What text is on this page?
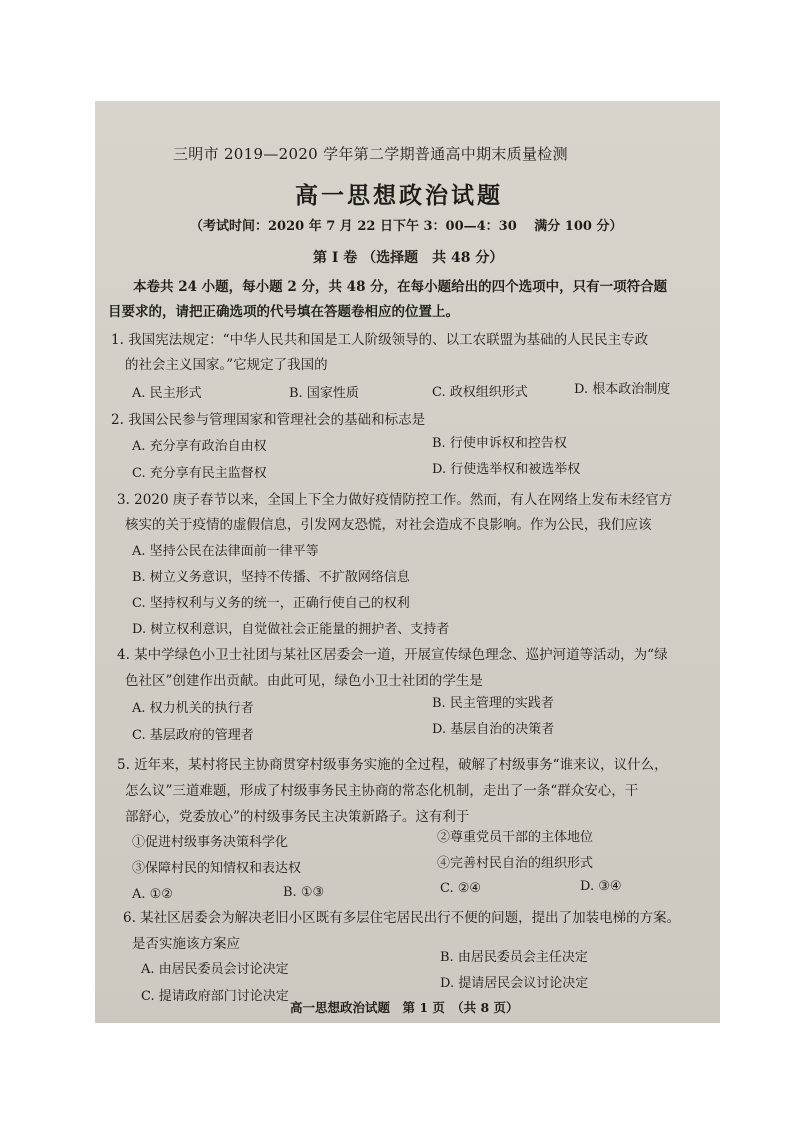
三明市 2019—2020 学年第二学期普通高中期末质量检测
高一思想政治试题
（考试时间：2020 年 7 月 22 日下午 3：00—4：30　 满分 100 分）
第 I 卷 （选择题　共 48 分）
本卷共 24 小题，每小题 2 分，共 48 分，在每小题给出的四个选项中，只有一项符合题
目要求的，请把正确选项的代号填在答题卷相应的位置上。
1. 我国宪法规定：“中华人民共和国是工人阶级领导的、以工农联盟为基础的人民民主专政
的社会主义国家。”它规定了我国的
A. 民主形式	B. 国家性质	C. 政权组织形式	D. 根本政治制度
2. 我国公民参与管理国家和管理社会的基础和标志是
A. 充分享有政治自由权	B. 行使申诉权和控告权
C. 充分享有民主监督权	D. 行使选举权和被选举权
3. 2020 庚子春节以来，全国上下全力做好疫情防控工作。然而，有人在网络上发布未经官方
核实的关于疫情的虚假信息，引发网友恐慌，对社会造成不良影响。作为公民，我们应该
A. 坚持公民在法律面前一律平等
B. 树立义务意识，坚持不传播、不扩散网络信息
C. 坚持权利与义务的统一，正确行使自己的权利
D. 树立权利意识，自觉做社会正能量的拥护者、支持者
4. 某中学绿色小卫士社团与某社区居委会一道，开展宣传绿色理念、巡护河道等活动，为“绿
色社区”创建作出贡献。由此可见，绿色小卫士社团的学生是
A. 权力机关的执行者	B. 民主管理的实践者
C. 基层政府的管理者	D. 基层自治的决策者
5. 近年来，某村将民主协商贯穿村级事务实施的全过程，破解了村级事务“谁来议，议什么，
怎么议”三道难题，形成了村级事务民主协商的常态化机制，走出了一条“群众安心，干
部舒心，党委放心”的村级事务民主决策新路子。这有利于
①促进村级事务决策科学化	②尊重党员干部的主体地位
③保障村民的知情权和表达权	④完善村民自治的组织形式
A. ①②	B. ①③	C. ②④	D. ③④
6. 某社区居委会为解决老旧小区既有多层住宅居民出行不便的问题，提出了加装电梯的方案。
是否实施该方案应
A. 由居民委员会讨论决定
B. 由居民委员会主任决定
C. 提请政府部门讨论决定
D. 提请居民会议讨论决定
高一思想政治试题　第 1 页　（共 8 页）
